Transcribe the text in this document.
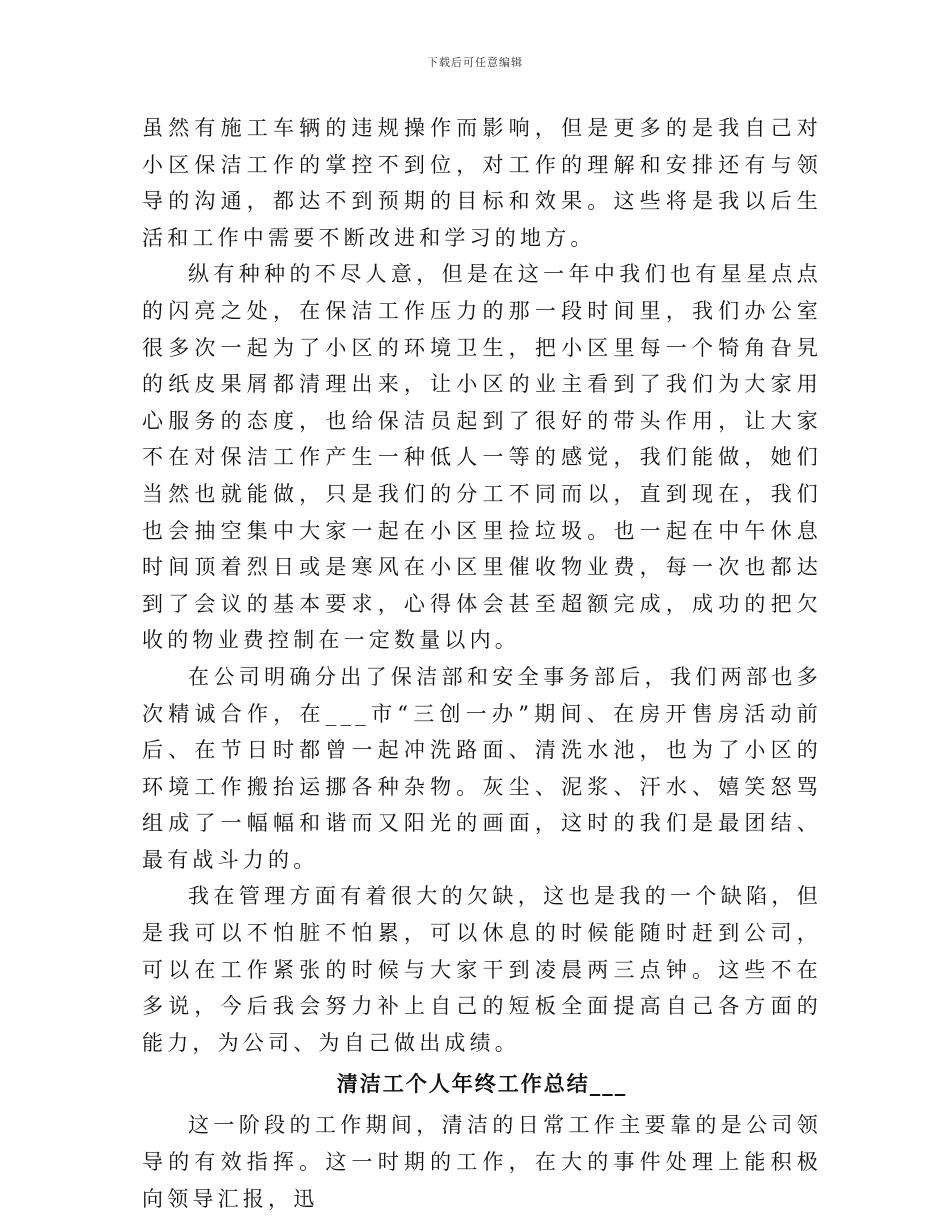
下载后可任意编辑

虽然有施工车辆的违规操作而影响，但是更多的是我自己对小区保洁工作的掌控不到位，对工作的理解和安排还有与领导的沟通，都达不到预期的目标和效果。这些将是我以后生活和工作中需要不断改进和学习的地方。

纵有种种的不尽人意，但是在这一年中我们也有星星点点的闪亮之处，在保洁工作压力的那一段时间里，我们办公室很多次一起为了小区的环境卫生，把小区里每一个犄角旮旯的纸皮果屑都清理出来，让小区的业主看到了我们为大家用心服务的态度，也给保洁员起到了很好的带头作用，让大家不在对保洁工作产生一种低人一等的感觉，我们能做，她们当然也就能做，只是我们的分工不同而以，直到现在，我们也会抽空集中大家一起在小区里捡垃圾。也一起在中午休息时间顶着烈日或是寒风在小区里催收物业费，每一次也都达到了会议的基本要求，心得体会甚至超额完成，成功的把欠收的物业费控制在一定数量以内。

在公司明确分出了保洁部和安全事务部后，我们两部也多次精诚合作，在___市“三创一办”期间、在房开售房活动前后、在节日时都曾一起冲洗路面、清洗水池，也为了小区的环境工作搬抬运挪各种杂物。灰尘、泥浆、汗水、嬉笑怒骂组成了一幅幅和谐而又阳光的画面，这时的我们是最团结、最有战斗力的。

我在管理方面有着很大的欠缺，这也是我的一个缺陷，但是我可以不怕脏不怕累，可以休息的时候能随时赶到公司，可以在工作紧张的时候与大家干到凌晨两三点钟。这些不在多说，今后我会努力补上自己的短板全面提高自己各方面的能力，为公司、为自己做出成绩。

清洁工个人年终工作总结___

这一阶段的工作期间，清洁的日常工作主要靠的是公司领导的有效指挥。这一时期的工作，在大的事件处理上能积极向领导汇报，迅
